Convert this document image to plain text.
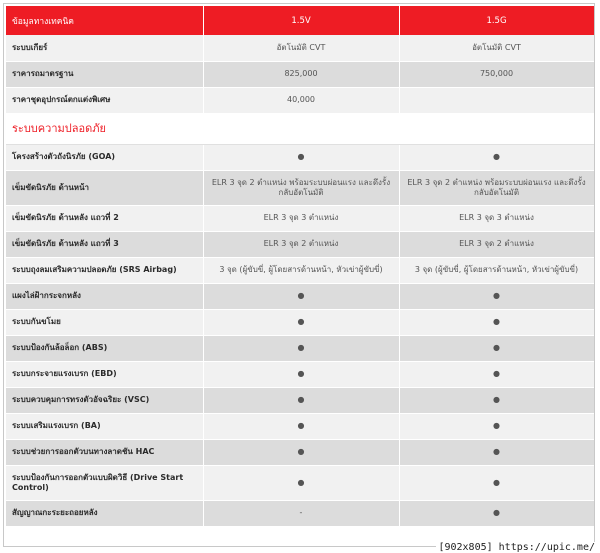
ข้อมูลทางเทคนิค	1.5V	1.5G
ระบบเกียร์	อัตโนมัติ CVT	อัตโนมัติ CVT
ราคารถมาตรฐาน	825,000	750,000
ราคาชุดอุปกรณ์ตกแต่งพิเศษ	40,000	
ระบบความปลอดภัย		
โครงสร้างตัวถังนิรภัย (GOA)	●	●
เข็มขัดนิรภัย ด้านหน้า	ELR 3 จุด 2 ตำแหน่ง พร้อมระบบผ่อนแรง และดึงรั้งกลับอัตโนมัติ	ELR 3 จุด 2 ตำแหน่ง พร้อมระบบผ่อนแรง และดึงรั้งกลับอัตโนมัติ
เข็มขัดนิรภัย ด้านหลัง แถวที่ 2	ELR 3 จุด 3 ตำแหน่ง	ELR 3 จุด 3 ตำแหน่ง
เข็มขัดนิรภัย ด้านหลัง แถวที่ 3	ELR 3 จุด 2 ตำแหน่ง	ELR 3 จุด 2 ตำแหน่ง
ระบบถุงลมเสริมความปลอดภัย (SRS Airbag)	3 จุด (ผู้ขับขี่, ผู้โดยสารด้านหน้า, หัวเข่าผู้ขับขี่)	3 จุด (ผู้ขับขี่, ผู้โดยสารด้านหน้า, หัวเข่าผู้ขับขี่)
แผงไล่ฝ้ากระจกหลัง	●	●
ระบบกันขโมย	●	●
ระบบป้องกันล้อล็อก (ABS)	●	●
ระบบกระจายแรงเบรก (EBD)	●	●
ระบบควบคุมการทรงตัวอัจฉริยะ (VSC)	●	●
ระบบเสริมแรงเบรก (BA)	●	●
ระบบช่วยการออกตัวบนทางลาดชัน HAC	●	●
ระบบป้องกันการออกตัวแบบผิดวิธี (Drive Start Control)	●	●
สัญญาณกะระยะถอยหลัง	-	●
[902x805] https://upic.me/
